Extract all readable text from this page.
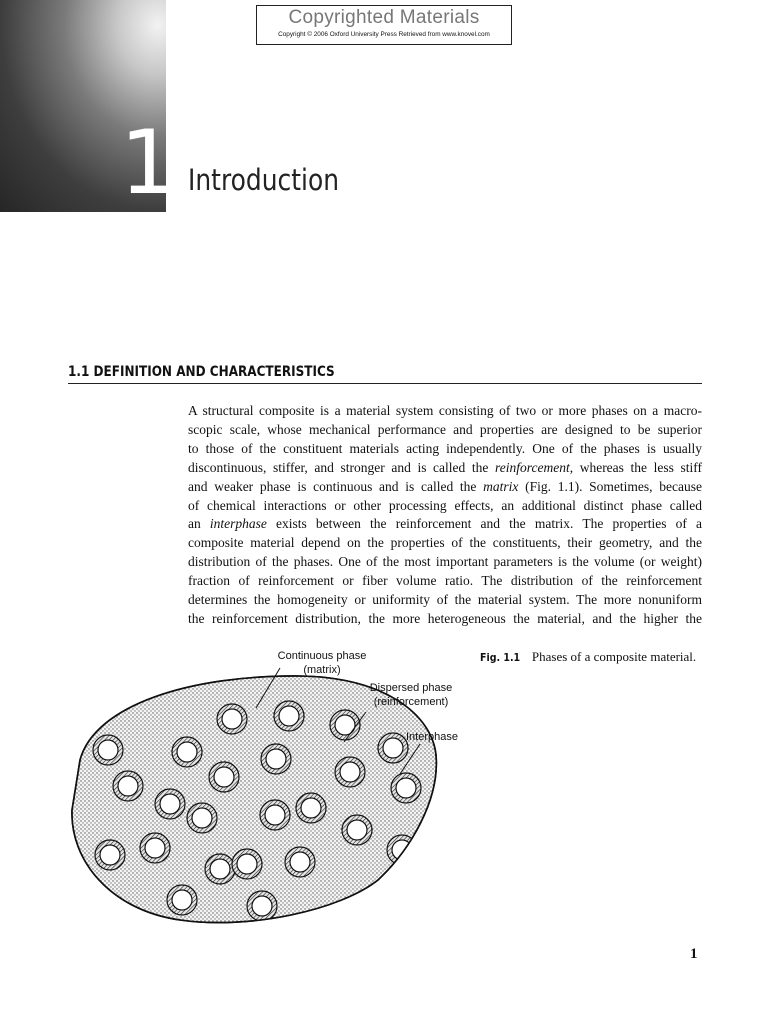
1
Copyrighted Materials
Copyright © 2006 Oxford University Press Retrieved from www.knovel.com
Introduction
1.1 DEFINITION AND CHARACTERISTICS
A structural composite is a material system consisting of two or more phases on a macro-
scopic scale, whose mechanical performance and properties are designed to be superior
to those of the constituent materials acting independently. One of the phases is usually
discontinuous, stiffer, and stronger and is called the reinforcement, whereas the less stiff
and weaker phase is continuous and is called the matrix (Fig. 1.1). Sometimes, because
of chemical interactions or other processing effects, an additional distinct phase called
an interphase exists between the reinforcement and the matrix. The properties of a
composite material depend on the properties of the constituents, their geometry, and the
distribution of the phases. One of the most important parameters is the volume (or weight)
fraction of reinforcement or fiber volume ratio. The distribution of the reinforcement
determines the homogeneity or uniformity of the material system. The more nonuniform
the reinforcement distribution, the more heterogeneous the material, and the higher the
Fig. 1.1 Phases of a composite material.
Continuous phase
(matrix)
Dispersed phase
(reinforcement)
Interphase
1
